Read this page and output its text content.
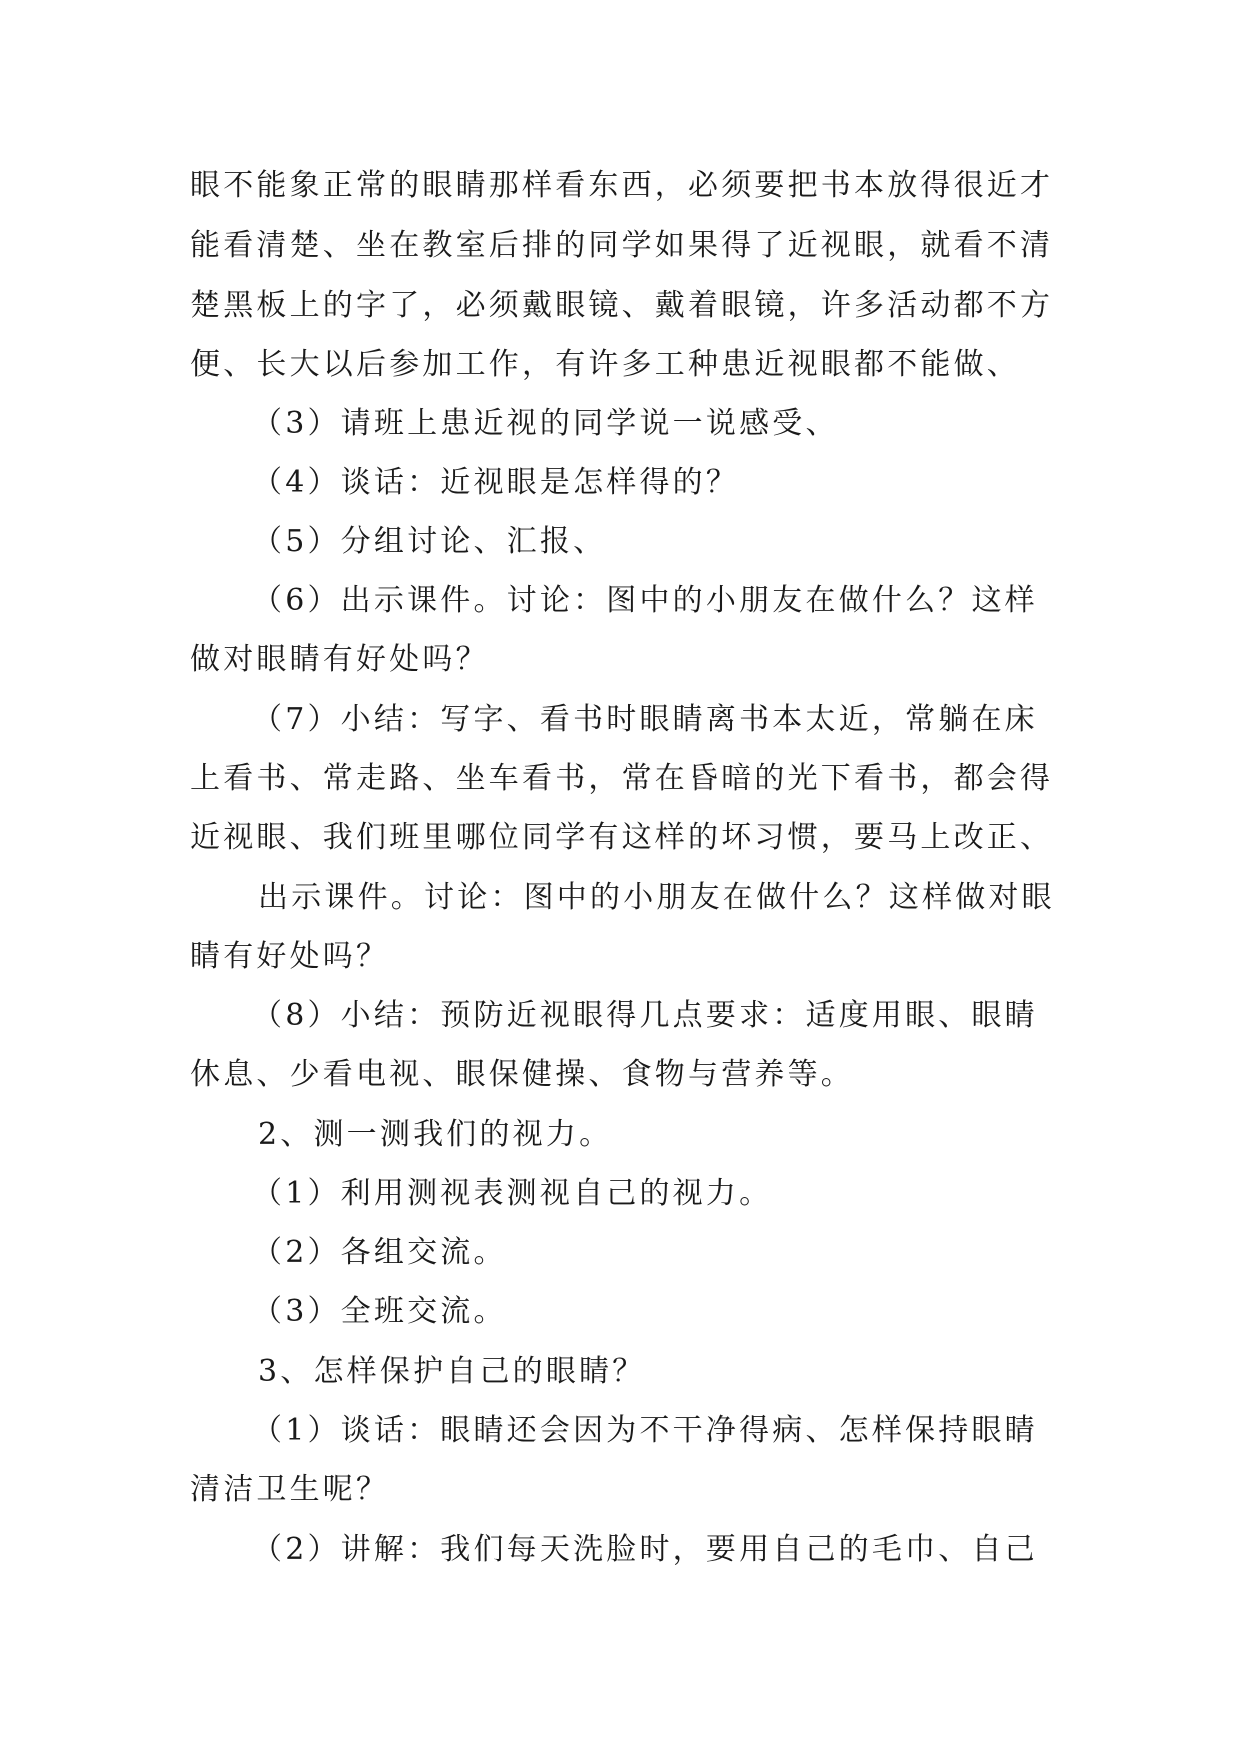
眼不能象正常的眼睛那样看东西，必须要把书本放得很近才
能看清楚、坐在教室后排的同学如果得了近视眼，就看不清
楚黑板上的字了，必须戴眼镜、戴着眼镜，许多活动都不方
便、长大以后参加工作，有许多工种患近视眼都不能做、
（3）请班上患近视的同学说一说感受、
（4）谈话：近视眼是怎样得的？
（5）分组讨论、汇报、
（6）出示课件。讨论：图中的小朋友在做什么？这样
做对眼睛有好处吗？
（7）小结：写字、看书时眼睛离书本太近，常躺在床
上看书、常走路、坐车看书，常在昏暗的光下看书，都会得
近视眼、我们班里哪位同学有这样的坏习惯，要马上改正、
出示课件。讨论：图中的小朋友在做什么？这样做对眼
睛有好处吗？
（8）小结：预防近视眼得几点要求：适度用眼、眼睛
休息、少看电视、眼保健操、食物与营养等。
2、测一测我们的视力。
（1）利用测视表测视自己的视力。
（2）各组交流。
（3）全班交流。
3、怎样保护自己的眼睛？
（1）谈话：眼睛还会因为不干净得病、怎样保持眼睛
清洁卫生呢？
（2）讲解：我们每天洗脸时，要用自己的毛巾、自己
